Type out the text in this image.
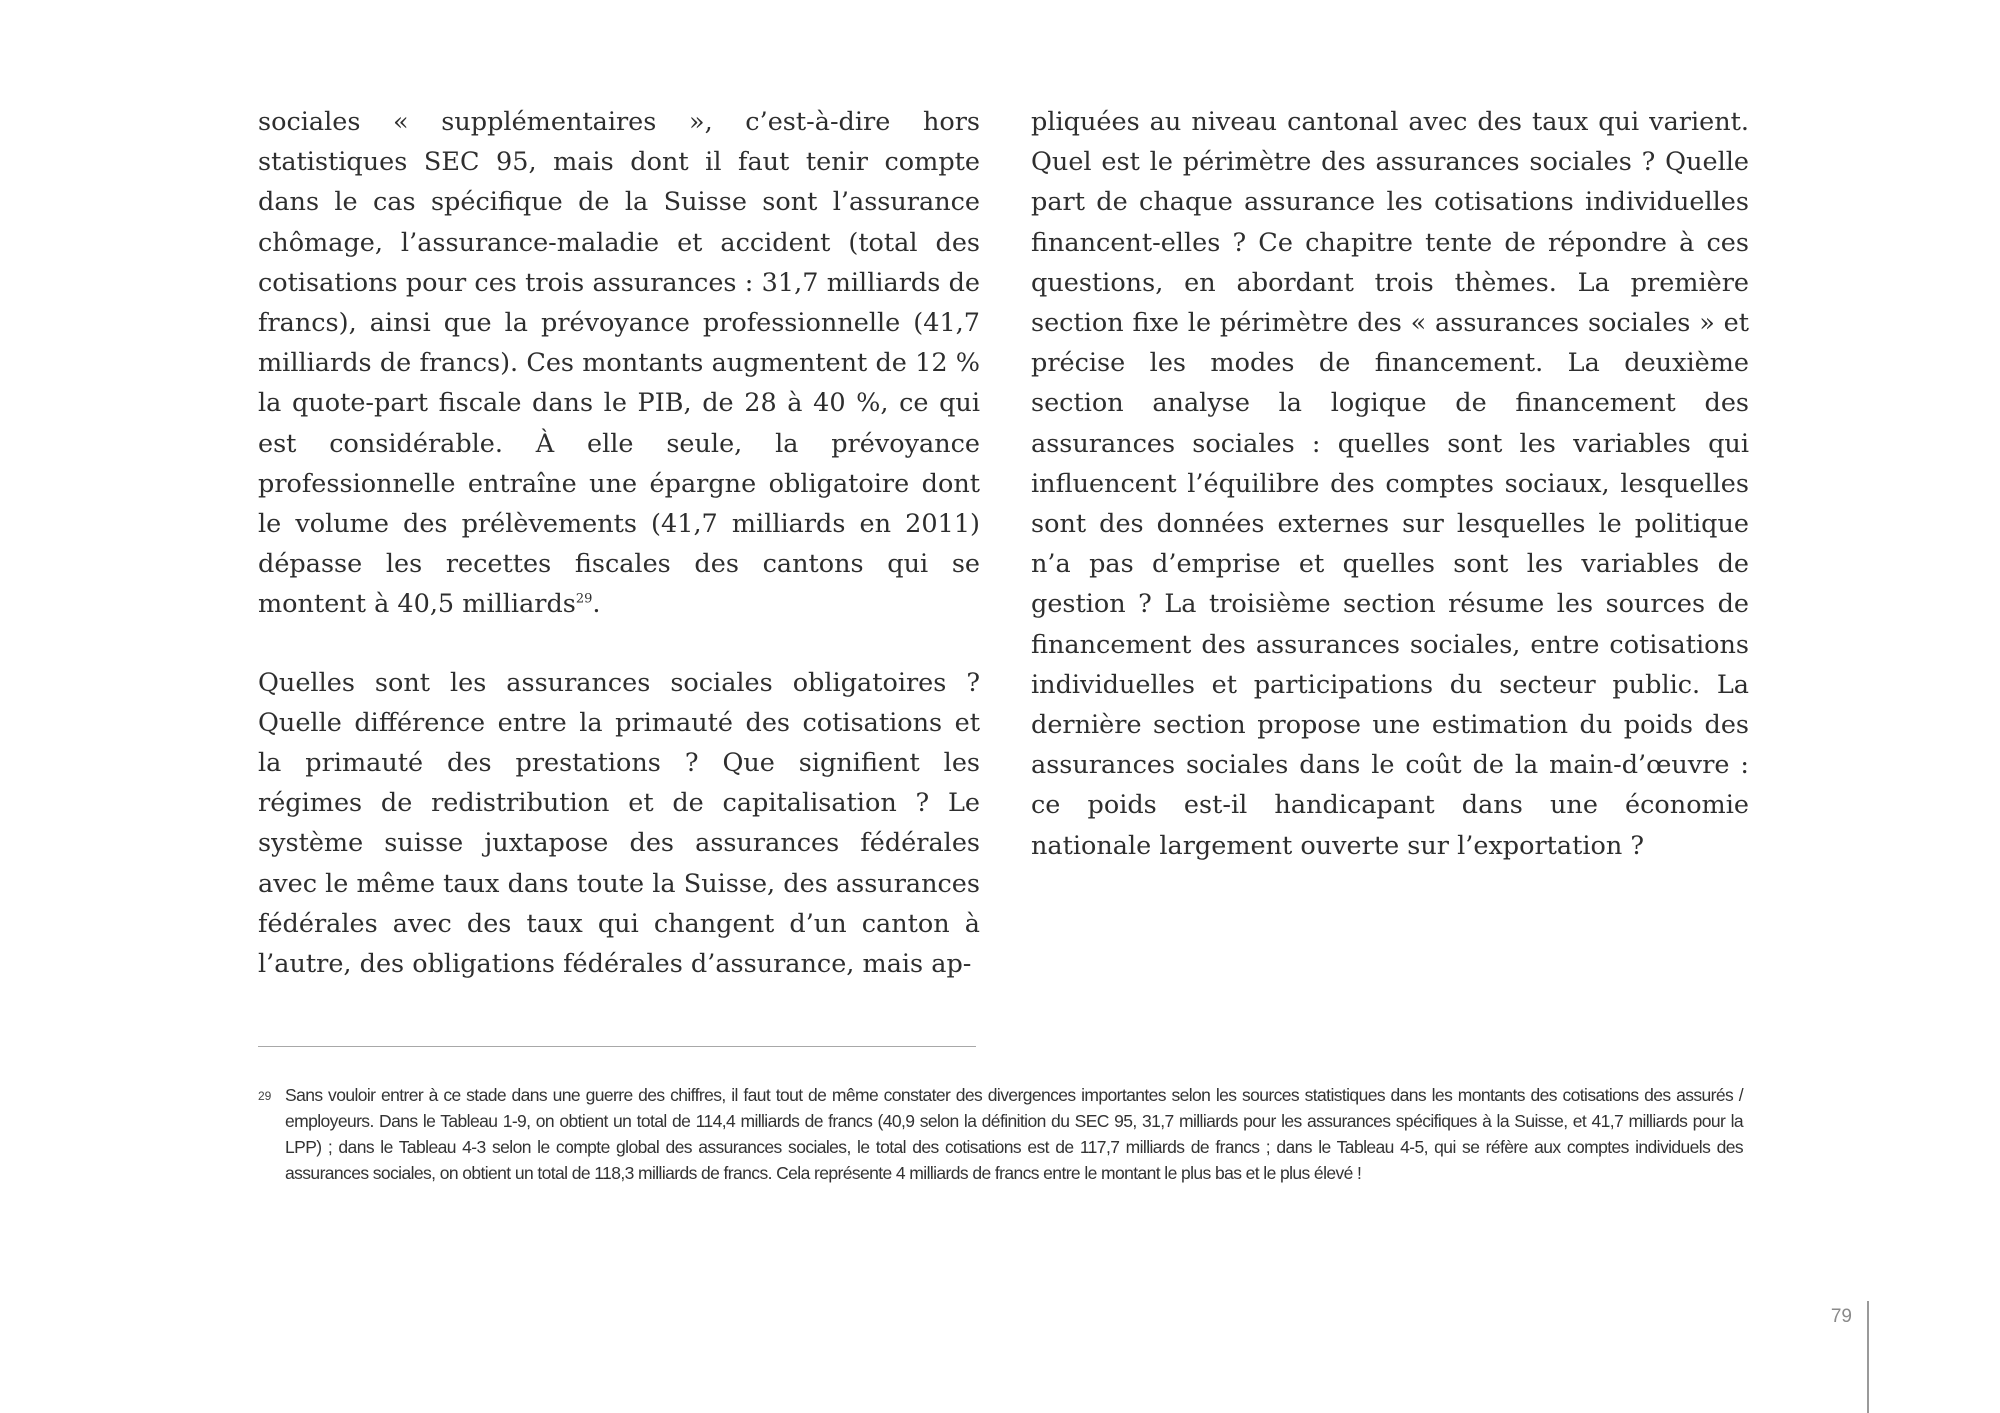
sociales « supplémentaires », c’est-à-dire hors statistiques SEC 95, mais dont il faut tenir compte dans le cas spécifique de la Suisse sont l’assurance chômage, l’assurance-maladie et accident (total des cotisations pour ces trois assurances : 31,7 milliards de francs), ainsi que la prévoyance professionnelle (41,7 milliards de francs). Ces montants augmentent de 12 % la quote-part fiscale dans le PIB, de 28 à 40 %, ce qui est considérable. À elle seule, la prévoyance professionnelle entraîne une épargne obligatoire dont le volume des prélèvements (41,7 milliards en 2011) dépasse les recettes fiscales des cantons qui se montent à 40,5 milliards$^{29}$.

Quelles sont les assurances sociales obligatoires ? Quelle différence entre la primauté des cotisations et la primauté des prestations ? Que signifient les régimes de redistribution et de capitalisation ? Le système suisse juxtapose des assurances fédérales avec le même taux dans toute la Suisse, des assurances fédérales avec des taux qui changent d’un canton à l’autre, des obligations fédérales d’assurance, mais ap-

pliquées au niveau cantonal avec des taux qui varient. Quel est le périmètre des assurances sociales ? Quelle part de chaque assurance les cotisations individuelles financent-elles ? Ce chapitre tente de répondre à ces questions, en abordant trois thèmes. La première section fixe le périmètre des « assurances sociales » et précise les modes de financement. La deuxième section analyse la logique de financement des assurances sociales : quelles sont les variables qui influencent l’équilibre des comptes sociaux, lesquelles sont des données externes sur lesquelles le politique n’a pas d’emprise et quelles sont les variables de gestion ? La troisième section résume les sources de financement des assurances sociales, entre cotisations individuelles et participations du secteur public. La dernière section propose une estimation du poids des assurances sociales dans le coût de la main-d’œuvre : ce poids est-il handicapant dans une économie nationale largement ouverte sur l’exportation ?

29 Sans vouloir entrer à ce stade dans une guerre des chiffres, il faut tout de même constater des divergences importantes selon les sources statistiques dans les montants des cotisations des assurés / employeurs. Dans le Tableau 1-9, on obtient un total de 114,4 milliards de francs (40,9 selon la définition du SEC 95, 31,7 milliards pour les assurances spécifiques à la Suisse, et 41,7 milliards pour la LPP) ; dans le Tableau 4-3 selon le compte global des assurances sociales, le total des cotisations est de 117,7 milliards de francs ; dans le Tableau 4-5, qui se réfère aux comptes individuels des assurances sociales, on obtient un total de 118,3 milliards de francs. Cela représente 4 milliards de francs entre le montant le plus bas et le plus élevé !
79
